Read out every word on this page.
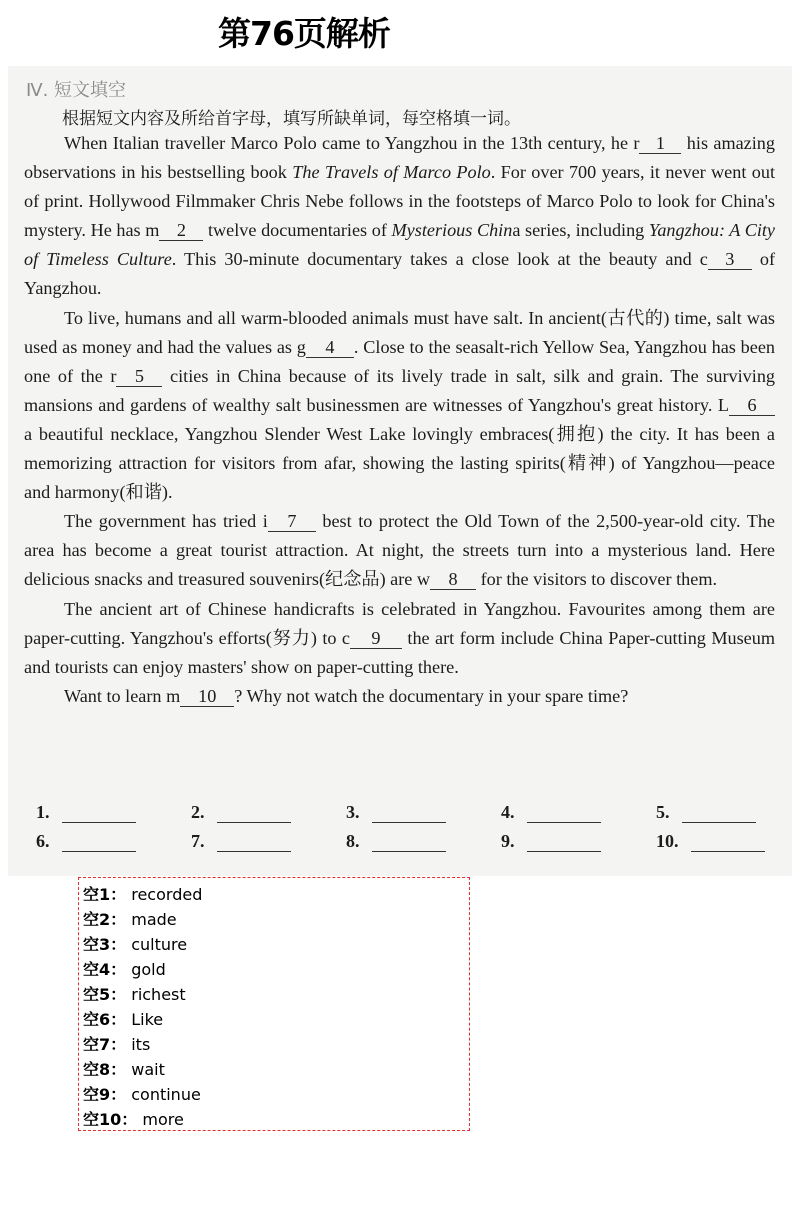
第76页解析
Ⅳ. 短文填空
根据短文内容及所给首字母，填写所缺单词，每空格填一词。

When Italian traveller Marco Polo came to Yangzhou in the 13th century, he r 1 his amazing observations in his bestselling book The Travels of Marco Polo. For over 700 years, it never went out of print. Hollywood Filmmaker Chris Nebe follows in the footsteps of Marco Polo to look for China's mystery. He has m 2 twelve documentaries of Mysterious China series, including Yangzhou: A City of Timeless Culture. This 30-minute documentary takes a close look at the beauty and c 3 of Yangzhou.

To live, humans and all warm-blooded animals must have salt. In ancient(古代的) time, salt was used as money and had the values as g 4 . Close to the seasalt-rich Yellow Sea, Yangzhou has been one of the r 5 cities in China because of its lively trade in salt, silk and grain. The surviving mansions and gardens of wealthy salt businessmen are witnesses of Yangzhou's great history. L 6 a beautiful necklace, Yangzhou Slender West Lake lovingly embraces(拥抱) the city. It has been a memorizing attraction for visitors from afar, showing the lasting spirits(精神) of Yangzhou—peace and harmony(和谐).

The government has tried i 7 best to protect the Old Town of the 2,500-year-old city. The area has become a great tourist attraction. At night, the streets turn into a mysterious land. Here delicious snacks and treasured souvenirs(纪念品) are w 8 for the visitors to discover them.

The ancient art of Chinese handicrafts is celebrated in Yangzhou. Favourites among them are paper-cutting. Yangzhou's efforts(努力) to c 9 the art form include China Paper-cutting Museum and tourists can enjoy masters' show on paper-cutting there.

Want to learn m 10 ? Why not watch the documentary in your spare time?

1.	2.	3.	4.	5.
6.	7.	8.	9.	10.
空1： recorded
空2： made
空3： culture
空4： gold
空5： richest
空6： Like
空7： its
空8： wait
空9： continue
空10： more
